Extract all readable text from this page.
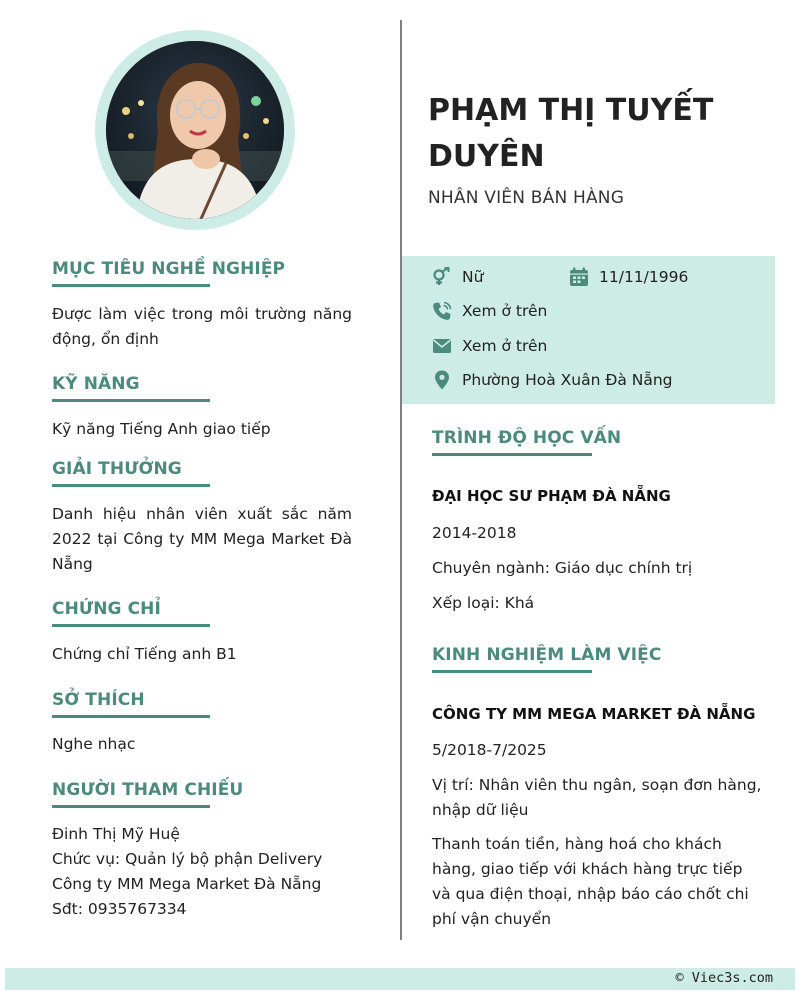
MỤC TIÊU NGHỀ NGHIỆP
Được làm việc trong môi trường năng động, ổn định
KỸ NĂNG
Kỹ năng Tiếng Anh giao tiếp
GIẢI THƯỞNG
Danh hiệu nhân viên xuất sắc năm 2022 tại Công ty MM Mega Market Đà Nẵng
CHỨNG CHỈ
Chứng chỉ Tiếng anh B1
SỞ THÍCH
Nghe nhạc
NGƯỜI THAM CHIẾU
Đinh Thị Mỹ Huệ
Chức vụ: Quản lý bộ phận Delivery
Công ty MM Mega Market Đà Nẵng
Sđt: 0935767334
PHẠM THỊ TUYẾT DUYÊN
NHÂN VIÊN BÁN HÀNG
Nữ	11/11/1996
Xem ở trên
Xem ở trên
Phường Hoà Xuân Đà Nẵng
TRÌNH ĐỘ HỌC VẤN
ĐẠI HỌC SƯ PHẠM ĐÀ NẴNG
2014-2018
Chuyên ngành: Giáo dục chính trị
Xếp loại: Khá
KINH NGHIỆM LÀM VIỆC
CÔNG TY MM MEGA MARKET ĐÀ NẴNG
5/2018-7/2025
Vị trí: Nhân viên thu ngân, soạn đơn hàng, nhập dữ liệu
Thanh toán tiền, hàng hoá cho khách hàng, giao tiếp với khách hàng trực tiếp và qua điện thoại, nhập báo cáo chốt chi phí vận chuyển
© Viec3s.com
